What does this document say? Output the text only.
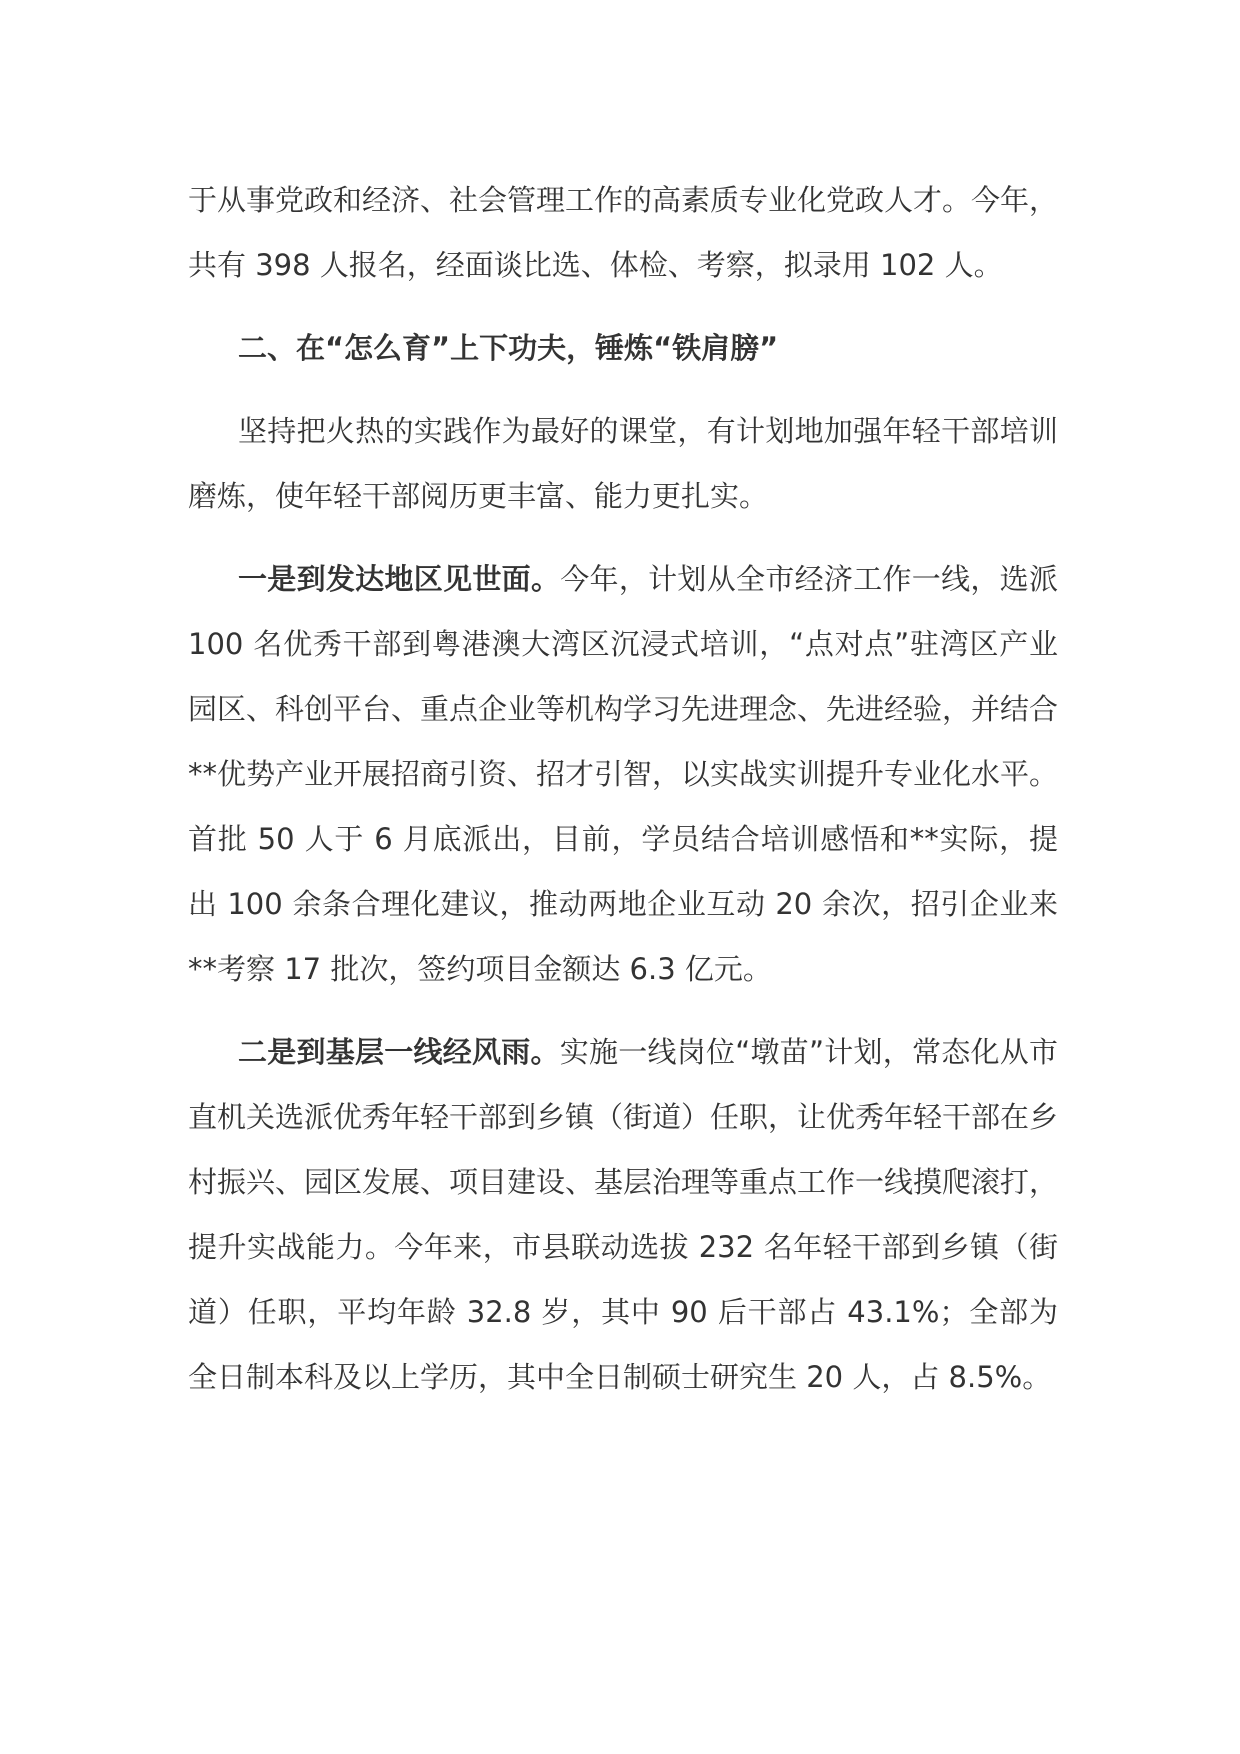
于从事党政和经济、社会管理工作的高素质专业化党政人才。今年，共有 398 人报名，经面谈比选、体检、考察，拟录用 102 人。

二、在“怎么育”上下功夫，锤炼“铁肩膀”

坚持把火热的实践作为最好的课堂，有计划地加强年轻干部培训磨炼，使年轻干部阅历更丰富、能力更扎实。

一是到发达地区见世面。今年，计划从全市经济工作一线，选派 100 名优秀干部到粤港澳大湾区沉浸式培训，“点对点”驻湾区产业园区、科创平台、重点企业等机构学习先进理念、先进经验，并结合**优势产业开展招商引资、招才引智，以实战实训提升专业化水平。首批 50 人于 6 月底派出，目前，学员结合培训感悟和**实际，提出 100 余条合理化建议，推动两地企业互动 20 余次，招引企业来**考察 17 批次，签约项目金额达 6.3 亿元。

二是到基层一线经风雨。实施一线岗位“墩苗”计划，常态化从市直机关选派优秀年轻干部到乡镇（街道）任职，让优秀年轻干部在乡村振兴、园区发展、项目建设、基层治理等重点工作一线摸爬滚打，提升实战能力。今年来，市县联动选拔 232 名年轻干部到乡镇（街道）任职，平均年龄 32.8 岁，其中 90 后干部占 43.1%；全部为全日制本科及以上学历，其中全日制硕士研究生 20 人，占 8.5%。
